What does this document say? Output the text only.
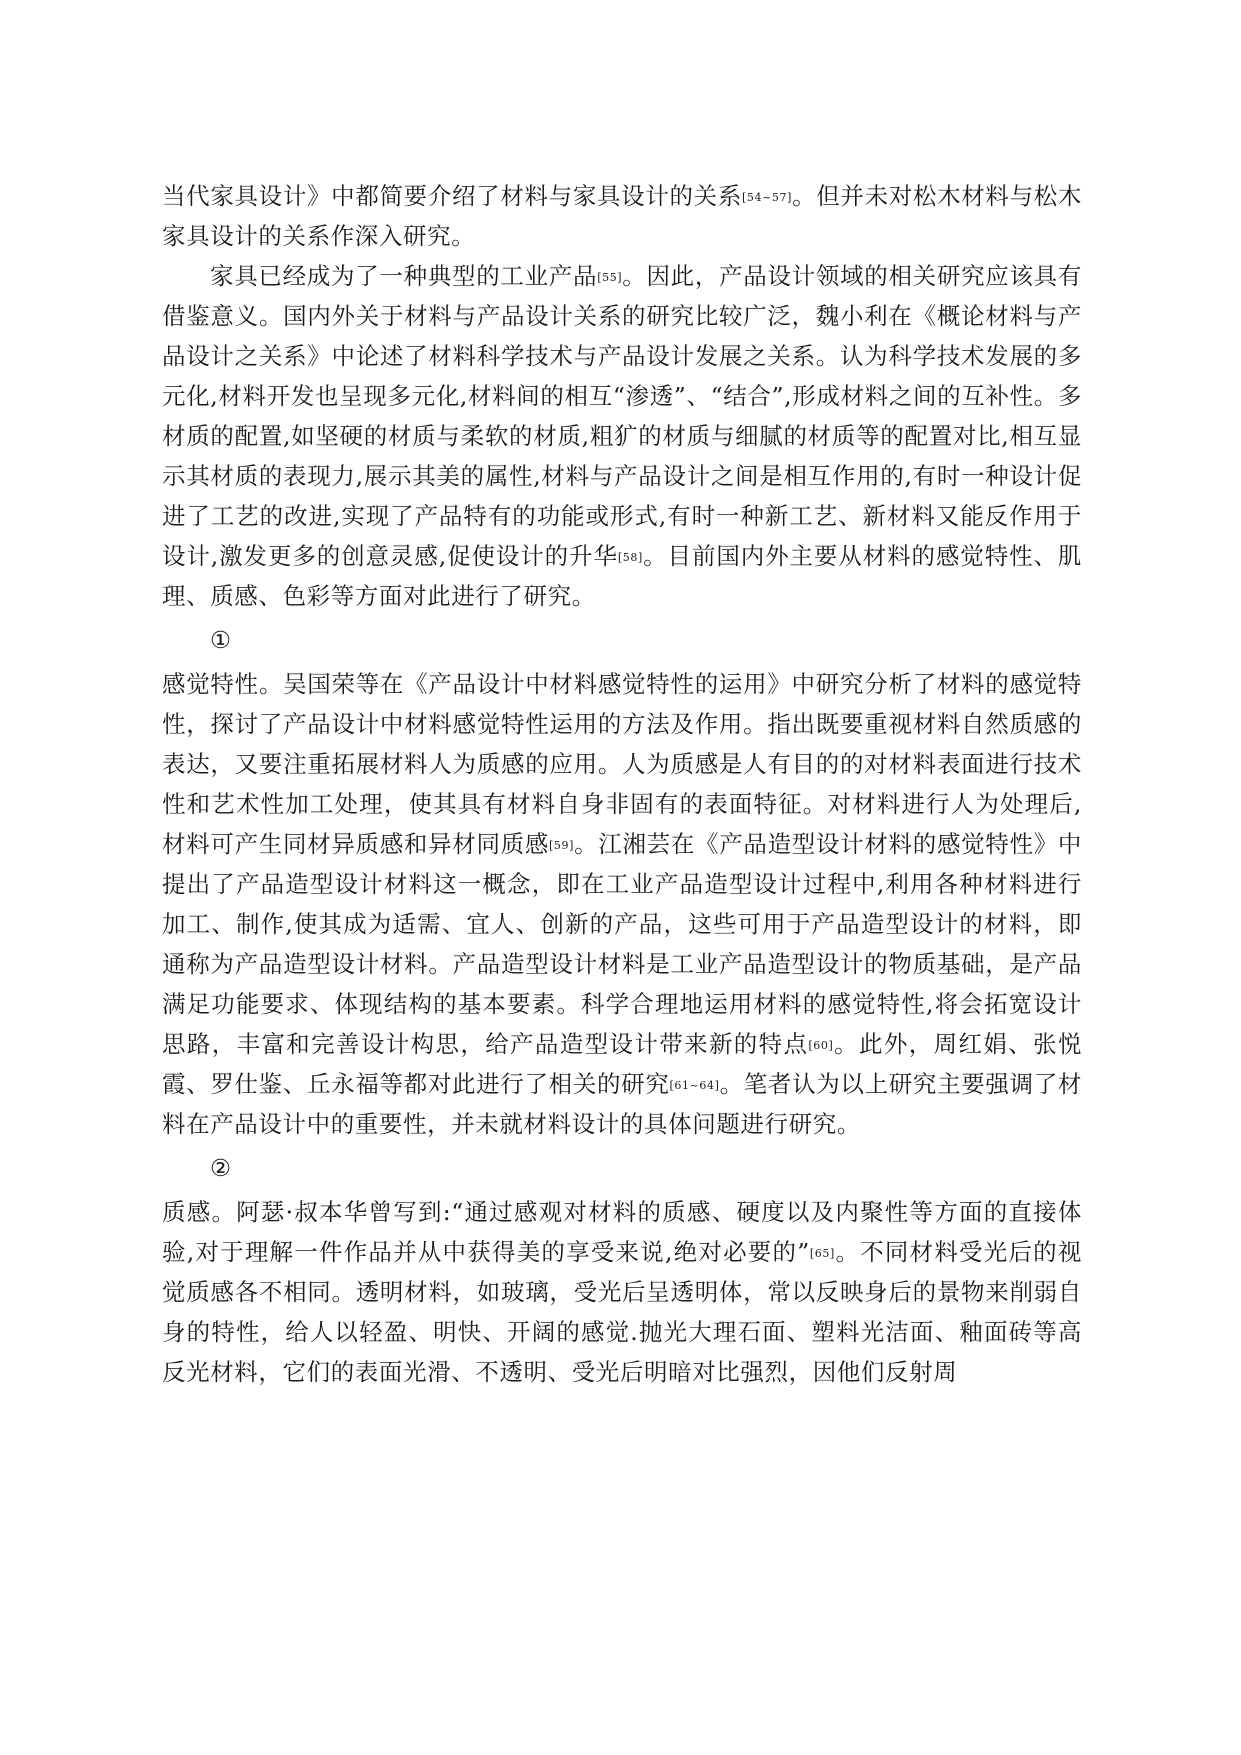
当代家具设计》中都简要介绍了材料与家具设计的关系[54~57]。但并未对松木材料与松木家具设计的关系作深入研究。

家具已经成为了一种典型的工业产品[55]。因此，产品设计领域的相关研究应该具有借鉴意义。国内外关于材料与产品设计关系的研究比较广泛，魏小利在《概论材料与产品设计之关系》中论述了材料科学技术与产品设计发展之关系。认为科学技术发展的多元化,材料开发也呈现多元化,材料间的相互“渗透”、“结合”,形成材料之间的互补性。多材质的配置,如坚硬的材质与柔软的材质,粗犷的材质与细腻的材质等的配置对比,相互显示其材质的表现力,展示其美的属性,材料与产品设计之间是相互作用的,有时一种设计促进了工艺的改进,实现了产品特有的功能或形式,有时一种新工艺、新材料又能反作用于设计,激发更多的创意灵感,促使设计的升华[58]。目前国内外主要从材料的感觉特性、肌理、质感、色彩等方面对此进行了研究。

①

感觉特性。吴国荣等在《产品设计中材料感觉特性的运用》中研究分析了材料的感觉特性，探讨了产品设计中材料感觉特性运用的方法及作用。指出既要重视材料自然质感的表达，又要注重拓展材料人为质感的应用。人为质感是人有目的的对材料表面进行技术性和艺术性加工处理，使其具有材料自身非固有的表面特征。对材料进行人为处理后,材料可产生同材异质感和异材同质感[59]。江湘芸在《产品造型设计材料的感觉特性》中提出了产品造型设计材料这一概念，即在工业产品造型设计过程中,利用各种材料进行加工、制作,使其成为适需、宜人、创新的产品，这些可用于产品造型设计的材料，即通称为产品造型设计材料。产品造型设计材料是工业产品造型设计的物质基础，是产品满足功能要求、体现结构的基本要素。科学合理地运用材料的感觉特性,将会拓宽设计思路，丰富和完善设计构思，给产品造型设计带来新的特点[60]。此外，周红娟、张悦霞、罗仕鉴、丘永福等都对此进行了相关的研究[61~64]。笔者认为以上研究主要强调了材料在产品设计中的重要性，并未就材料设计的具体问题进行研究。

②

质感。阿瑟·叔本华曾写到:“通过感观对材料的质感、硬度以及内聚性等方面的直接体验,对于理解一件作品并从中获得美的享受来说,绝对必要的”[65]。不同材料受光后的视觉质感各不相同。透明材料，如玻璃，受光后呈透明体，常以反映身后的景物来削弱自身的特性，给人以轻盈、明快、开阔的感觉.抛光大理石面、塑料光洁面、釉面砖等高反光材料，它们的表面光滑、不透明、受光后明暗对比强烈，因他们反射周
